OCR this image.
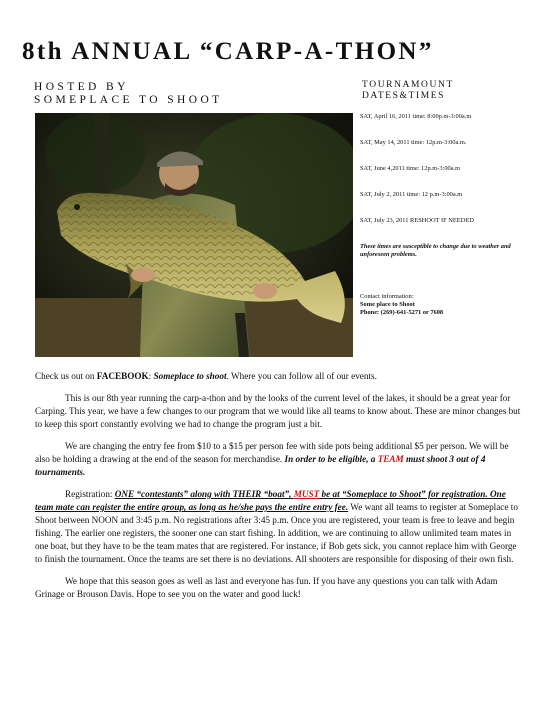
8th ANNUAL “CARP-A-THON”
HOSTED BY
SOMEPLACE TO SHOOT
TOURNAMOUNT
DATES&TIMES
SAT, April 16, 2011 time: 8:00p.m-3:00a.m
SAT, May 14, 2011 time: 12p.m-3:00a.m.
SAT, June 4,2011 time: 12p.m-3:00a.m
SAT, July 2, 2011 time: 12 p.m-3:00a.m
SAT, July 23, 2011 RESHOOT IF NEEDED
These times are susceptible to change due to weather and unforeseen problems.
Contact information:
Some place to Shoot
Phone: (269)-641-5271 or 7608

Check us out on FACEBOOK: Someplace to shoot. Where you can follow all of our events.

This is our 8th year running the carp-a-thon and by the looks of the current level of the lakes, it should be a great year for Carping. This year, we have a few changes to our program that we would like all teams to know about. These are minor changes but to keep this sport constantly evolving we had to change the program just a bit.

We are changing the entry fee from $10 to a $15 per person fee with side pots being additional $5 per person. We will be also be holding a drawing at the end of the season for merchandise. In order to be eligible, a TEAM must shoot 3 out of 4 tournaments.

Registration: ONE “contestants” along with THEIR “boat”, MUST be at “Someplace to Shoot” for registration. One team mate can register the entire group, as long as he/she pays the entire entry fee. We want all teams to register at Someplace to Shoot between NOON and 3:45 p.m. No registrations after 3:45 p.m. Once you are registered, your team is free to leave and begin fishing. The earlier one registers, the sooner one can start fishing. In addition, we are continuing to allow unlimited team mates in one boat, but they have to be the team mates that are registered. For instance, if Bob gets sick, you cannot replace him with George to finish the tournament. Once the teams are set there is no deviations. All shooters are responsible for disposing of their own fish.

We hope that this season goes as well as last and everyone has fun. If you have any questions you can talk with Adam Grinage or Brouson Davis. Hope to see you on the water and good luck!
